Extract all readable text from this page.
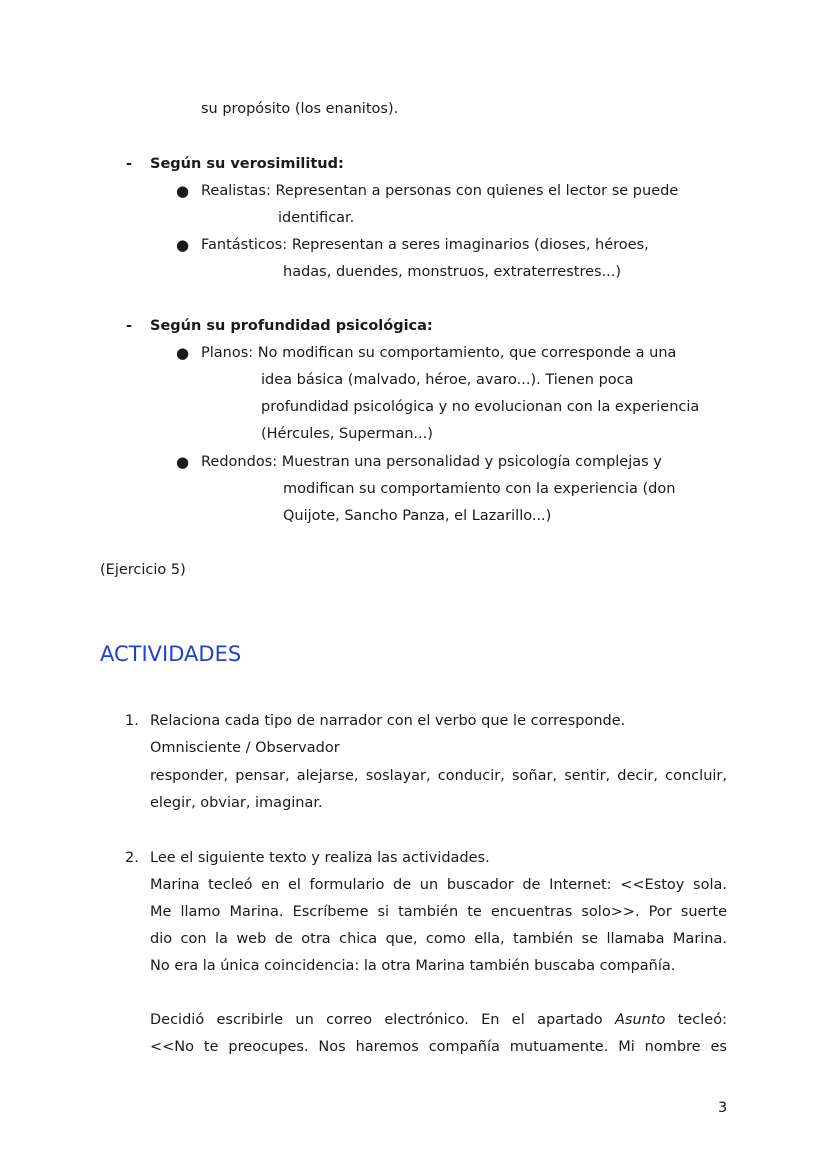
su propósito (los enanitos).
- Según su verosimilitud:
● Realistas: Representan a personas con quienes el lector se puede
identificar.
● Fantásticos: Representan a seres imaginarios (dioses, héroes,
hadas, duendes, monstruos, extraterrestres...)
- Según su profundidad psicológica:
● Planos: No modifican su comportamiento, que corresponde a una
idea básica (malvado, héroe, avaro...). Tienen poca
profundidad psicológica y no evolucionan con la experiencia
(Hércules, Superman...)
● Redondos: Muestran una personalidad y psicología complejas y
modifican su comportamiento con la experiencia (don
Quijote, Sancho Panza, el Lazarillo...)
(Ejercicio 5)
ACTIVIDADES
1. Relaciona cada tipo de narrador con el verbo que le corresponde.
Omnisciente / Observador
responder, pensar, alejarse, soslayar, conducir, soñar, sentir, decir, concluir,
elegir, obviar, imaginar.
2. Lee el siguiente texto y realiza las actividades.
Marina tecleó en el formulario de un buscador de Internet: <<Estoy sola.
Me llamo Marina. Escríbeme si también te encuentras solo>>. Por suerte
dio con la web de otra chica que, como ella, también se llamaba Marina.
No era la única coincidencia: la otra Marina también buscaba compañía.
Decidió escribirle un correo electrónico. En el apartado Asunto tecleó:
<<No te preocupes. Nos haremos compañía mutuamente. Mi nombre es
3
